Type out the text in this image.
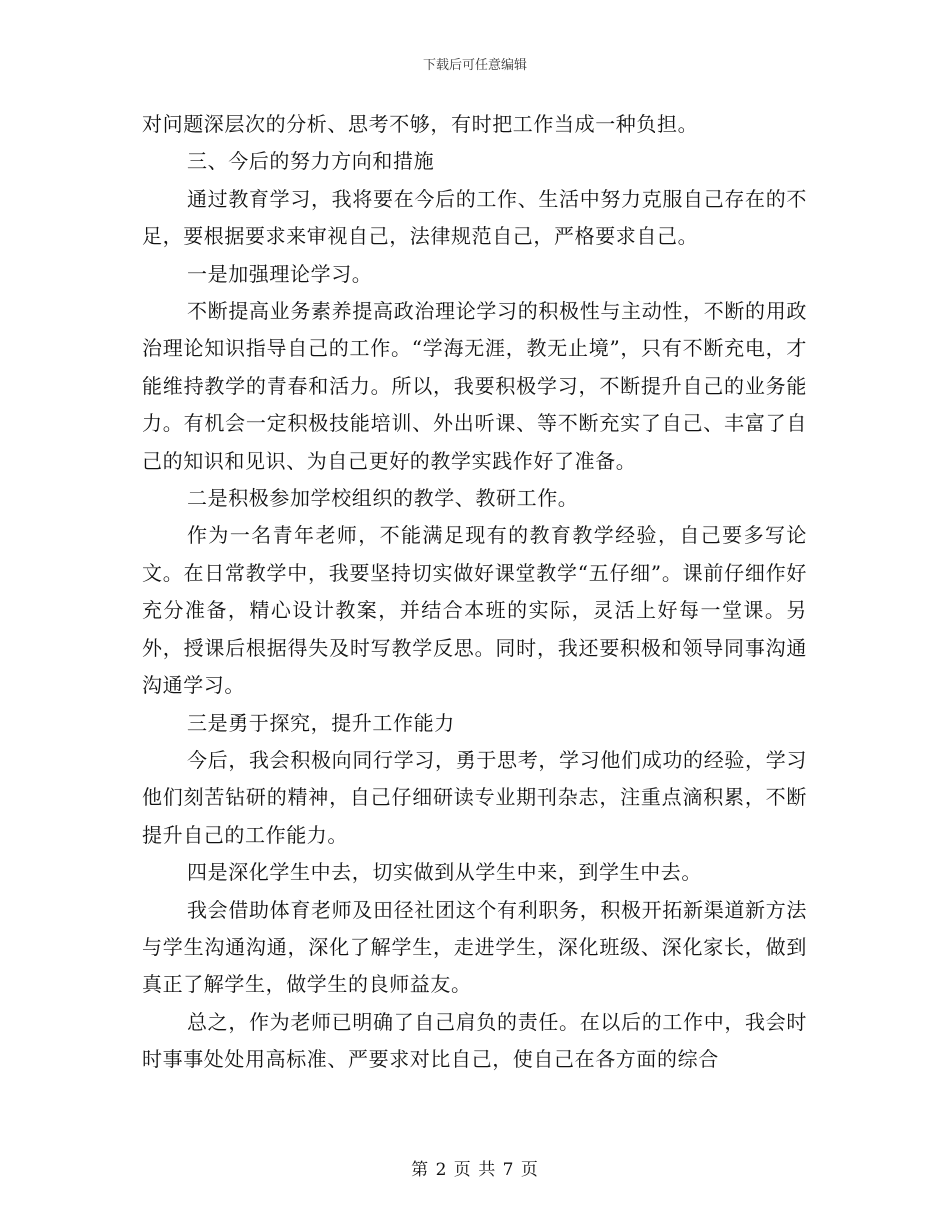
下载后可任意编辑

对问题深层次的分析、思考不够，有时把工作当成一种负担。

三、今后的努力方向和措施

通过教育学习，我将要在今后的工作、生活中努力克服自己存在的不足，要根据要求来审视自己，法律规范自己，严格要求自己。

一是加强理论学习。

不断提高业务素养提高政治理论学习的积极性与主动性，不断的用政治理论知识指导自己的工作。“学海无涯，教无止境”，只有不断充电，才能维持教学的青春和活力。所以，我要积极学习，不断提升自己的业务能力。有机会一定积极技能培训、外出听课、等不断充实了自己、丰富了自己的知识和见识、为自己更好的教学实践作好了准备。

二是积极参加学校组织的教学、教研工作。

作为一名青年老师，不能满足现有的教育教学经验，自己要多写论文。在日常教学中，我要坚持切实做好课堂教学“五仔细”。课前仔细作好充分准备，精心设计教案，并结合本班的实际，灵活上好每一堂课。另外，授课后根据得失及时写教学反思。同时，我还要积极和领导同事沟通沟通学习。

三是勇于探究，提升工作能力

今后，我会积极向同行学习，勇于思考，学习他们成功的经验，学习他们刻苦钻研的精神，自己仔细研读专业期刊杂志，注重点滴积累，不断提升自己的工作能力。

四是深化学生中去，切实做到从学生中来，到学生中去。

我会借助体育老师及田径社团这个有利职务，积极开拓新渠道新方法与学生沟通沟通，深化了解学生，走进学生，深化班级、深化家长，做到真正了解学生，做学生的良师益友。

总之，作为老师已明确了自己肩负的责任。在以后的工作中，我会时时事事处处用高标准、严要求对比自己，使自己在各方面的综合

第 2 页 共 7 页
